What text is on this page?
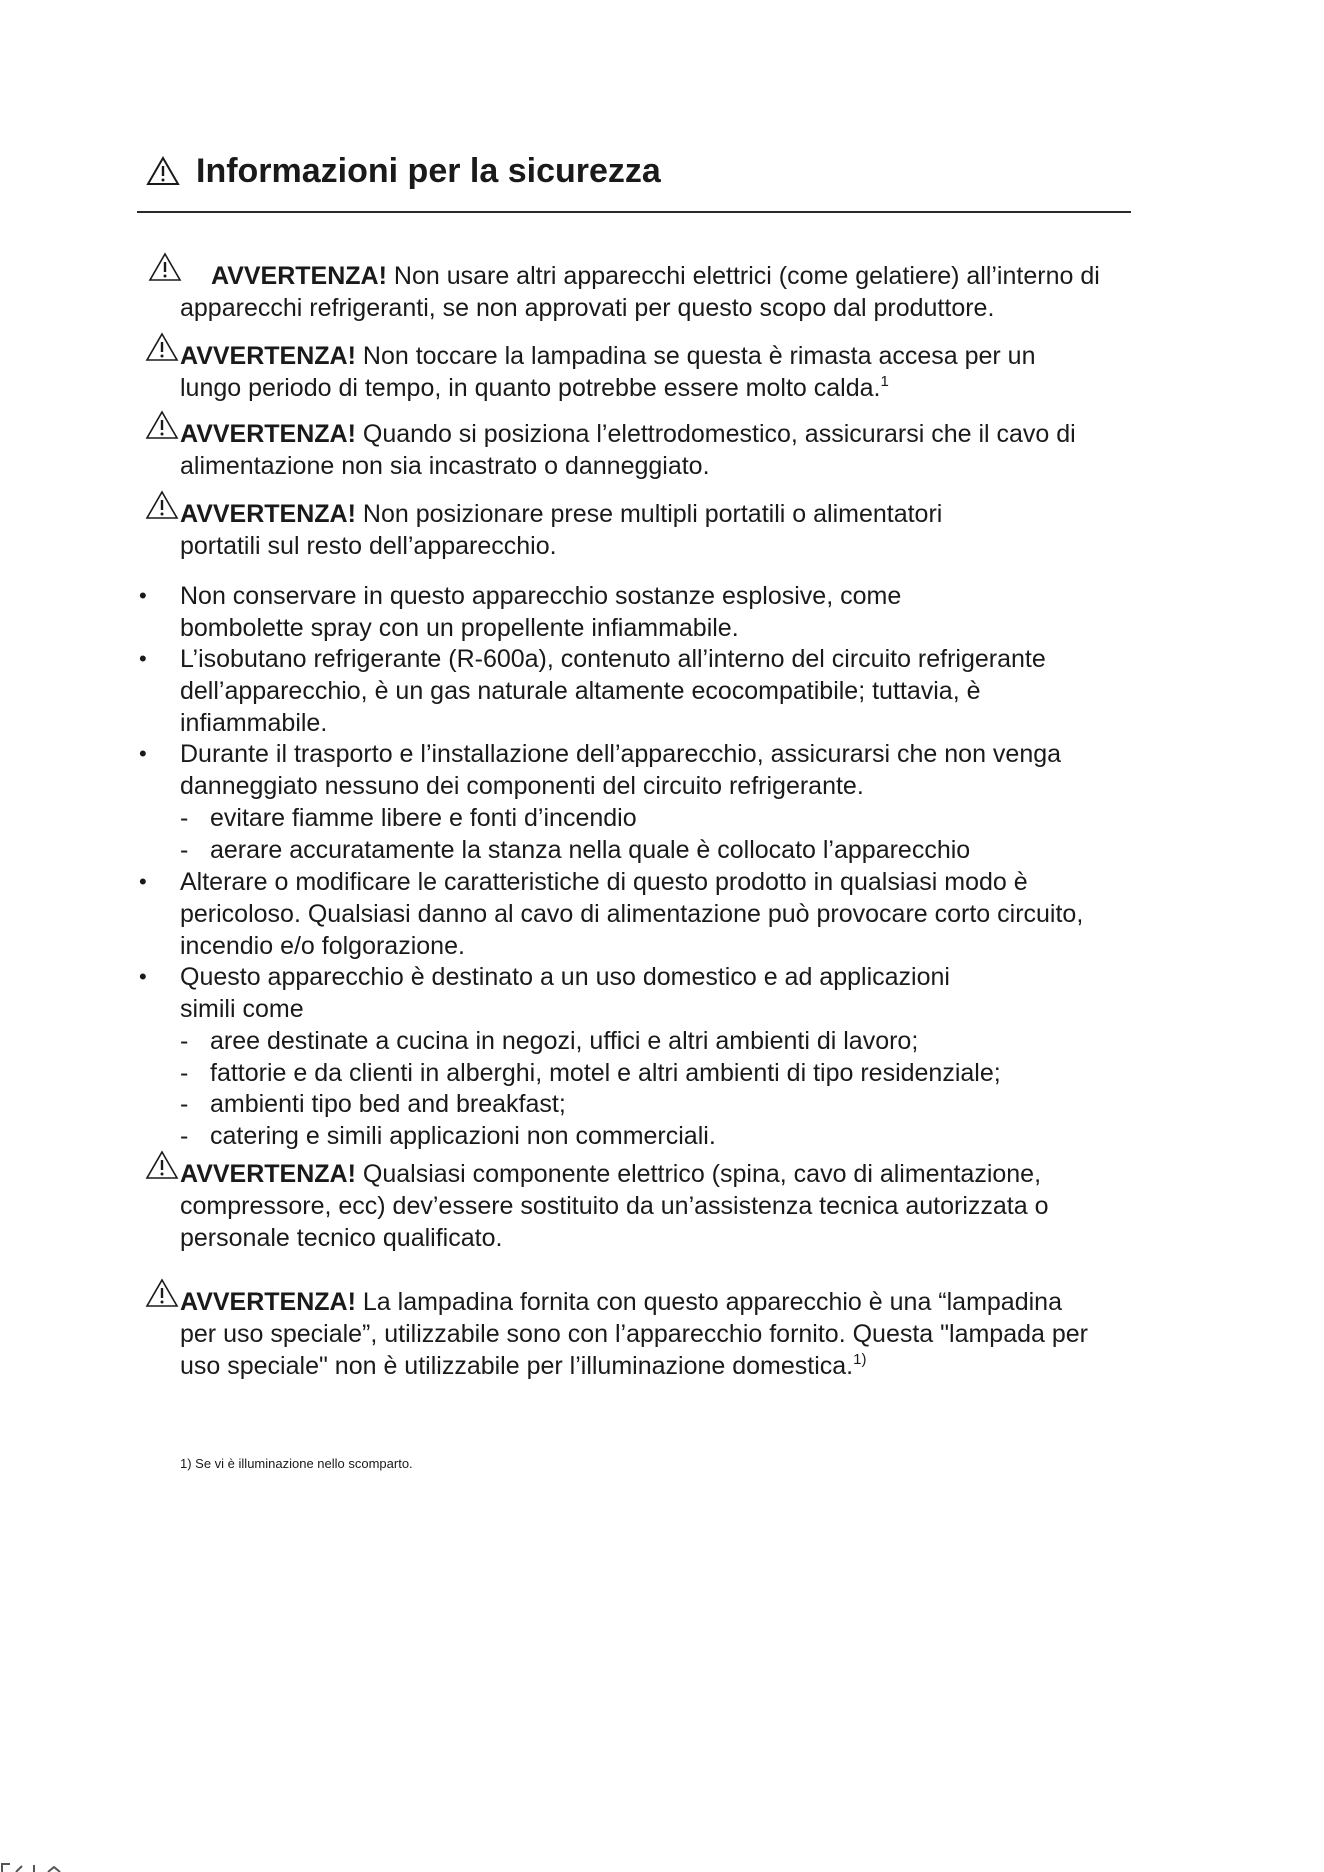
Informazioni per la sicurezza
AVVERTENZA! Non usare altri apparecchi elettrici (come gelatiere) all’interno di
apparecchi refrigeranti, se non approvati per questo scopo dal produttore.
AVVERTENZA! Non toccare la lampadina se questa è rimasta accesa per un
lungo periodo di tempo, in quanto potrebbe essere molto calda.$^1$
AVVERTENZA! Quando si posiziona l’elettrodomestico, assicurarsi che il cavo di
alimentazione non sia incastrato o danneggiato.
AVVERTENZA! Non posizionare prese multipli portatili o alimentatori
portatili sul resto dell’apparecchio.
• Non conservare in questo apparecchio sostanze esplosive, come
bombolette spray con un propellente infiammabile.
• L’isobutano refrigerante (R-600a), contenuto all’interno del circuito refrigerante
dell’apparecchio, è un gas naturale altamente ecocompatibile; tuttavia, è
infiammabile.
• Durante il trasporto e l’installazione dell’apparecchio, assicurarsi che non venga
danneggiato nessuno dei componenti del circuito refrigerante.
- evitare fiamme libere e fonti d’incendio
- aerare accuratamente la stanza nella quale è collocato l’apparecchio
• Alterare o modificare le caratteristiche di questo prodotto in qualsiasi modo è
pericoloso. Qualsiasi danno al cavo di alimentazione può provocare corto circuito,
incendio e/o folgorazione.
• Questo apparecchio è destinato a un uso domestico e ad applicazioni
simili come
- aree destinate a cucina in negozi, uffici e altri ambienti di lavoro;
- fattorie e da clienti in alberghi, motel e altri ambienti di tipo residenziale;
- ambienti tipo bed and breakfast;
- catering e simili applicazioni non commerciali.
AVVERTENZA! Qualsiasi componente elettrico (spina, cavo di alimentazione,
compressore, ecc) dev’essere sostituito da un’assistenza tecnica autorizzata o
personale tecnico qualificato.
AVVERTENZA! La lampadina fornita con questo apparecchio è una “lampadina
per uso speciale”, utilizzabile sono con l’apparecchio fornito. Questa "lampada per
uso speciale" non è utilizzabile per l’illuminazione domestica.$^{1)}$
1) Se vi è illuminazione nello scomparto.
